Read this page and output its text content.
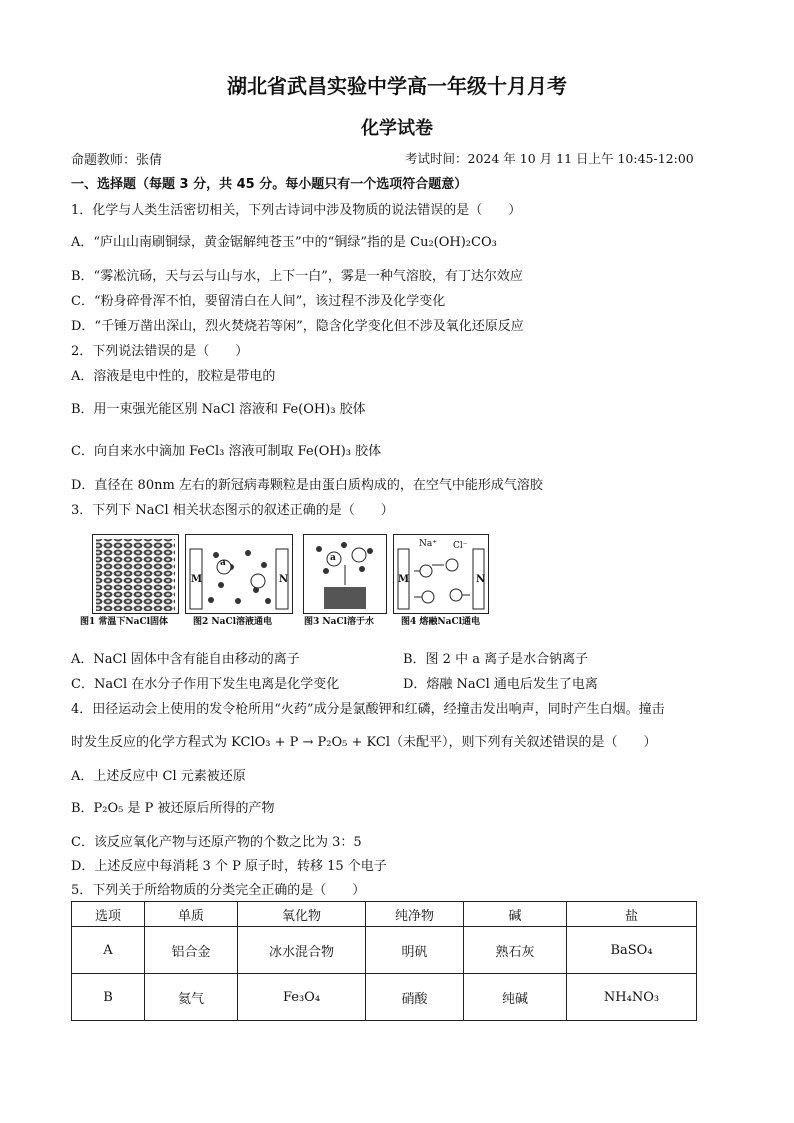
湖北省武昌实验中学高一年级十月月考
化学试卷
命题教师：张倩	考试时间：2024 年 10 月 11 日上午 10:45-12:00
一、选择题（每题 3 分，共 45 分。每小题只有一个选项符合题意）
1．化学与人类生活密切相关，下列古诗词中涉及物质的说法错误的是（　　）
A．“庐山山南刷铜绿，黄金锯解纯苍玉”中的“铜绿”指的是 Cu₂(OH)₂CO₃
B．“雾凇沆砀，天与云与山与水，上下一白”，雾是一种气溶胶，有丁达尔效应
C．“粉身碎骨浑不怕，要留清白在人间”，该过程不涉及化学变化
D．“千锤万凿出深山，烈火焚烧若等闲”，隐含化学变化但不涉及氧化还原反应
2．下列说法错误的是（　　）
A．溶液是电中性的，胶粒是带电的
B．用一束强光能区别 NaCl 溶液和 Fe(OH)₃ 胶体
C．向自来水中滴加 FeCl₃ 溶液可制取 Fe(OH)₃ 胶体
D．直径在 80nm 左右的新冠病毒颗粒是由蛋白质构成的，在空气中能形成气溶胶
3．下列下 NaCl 相关状态图示的叙述正确的是（　　）
M	N
a	a
Na⁺ Cl⁻
M	N
图1 常温下NaCl固体	图2 NaCl溶液通电	图3 NaCl溶于水	图4 熔融NaCl通电
A．NaCl 固体中含有能自由移动的离子	B．图 2 中 a 离子是水合钠离子
C．NaCl 在水分子作用下发生电离是化学变化	D．熔融 NaCl 通电后发生了电离
4．田径运动会上使用的发令枪所用“火药”成分是氯酸钾和红磷，经撞击发出响声，同时产生白烟。撞击
时发生反应的化学方程式为 KClO₃ + P → P₂O₅ + KCl（未配平），则下列有关叙述错误的是（　　）
A．上述反应中 Cl 元素被还原
B．P₂O₅ 是 P 被还原后所得的产物
C．该反应氧化产物与还原产物的个数之比为 3：5
D．上述反应中每消耗 3 个 P 原子时，转移 15 个电子
5．下列关于所给物质的分类完全正确的是（　　）
选项	单质	氧化物	纯净物	碱	盐
A	铝合金	冰水混合物	明矾	熟石灰	BaSO₄
B	氦气	Fe₃O₄	硝酸	纯碱	NH₄NO₃
